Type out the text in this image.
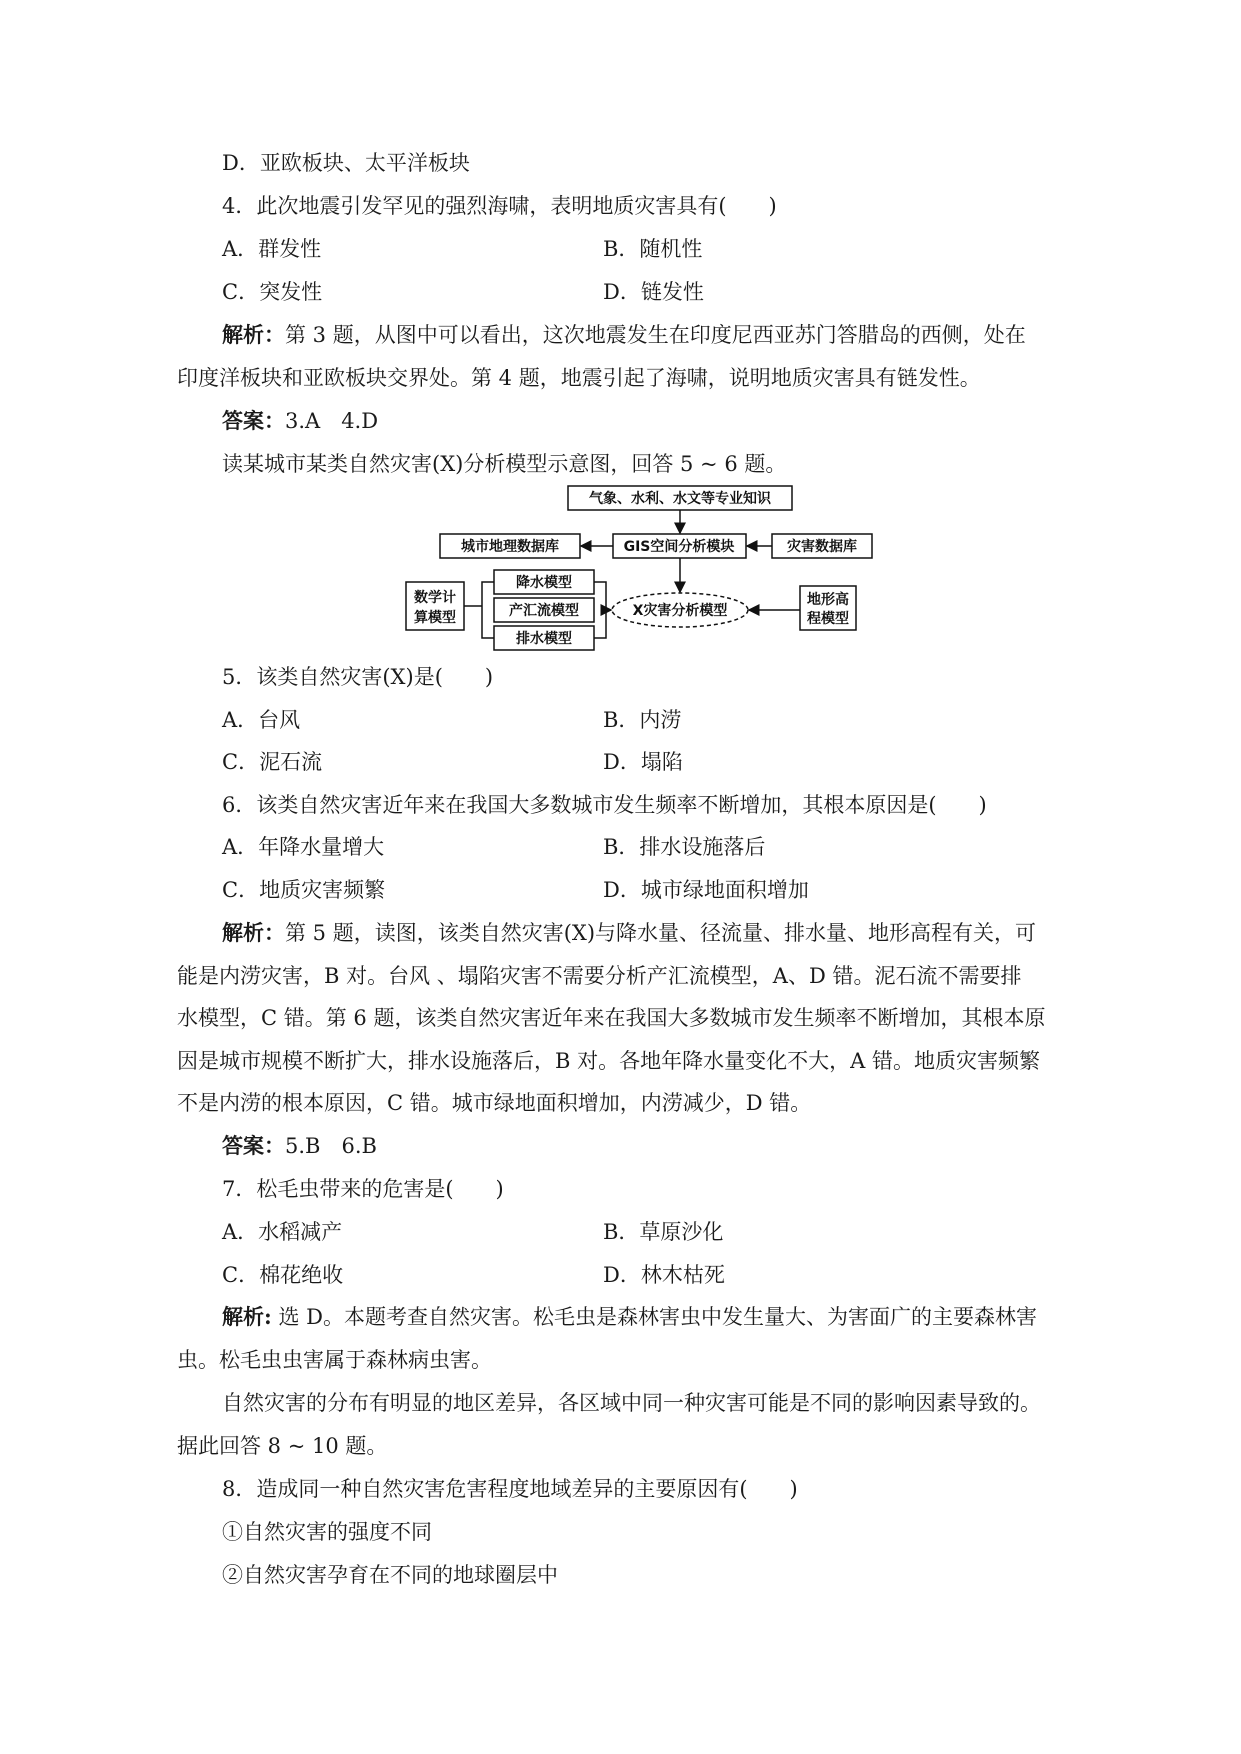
D．亚欧板块、太平洋板块
4．此次地震引发罕见的强烈海啸，表明地质灾害具有(　　)
A．群发性	B．随机性
C．突发性	D．链发性
解析：第 3 题，从图中可以看出，这次地震发生在印度尼西亚苏门答腊岛的西侧，处在
印度洋板块和亚欧板块交界处。第 4 题，地震引起了海啸，说明地质灾害具有链发性。
答案：3.A　4.D
读某城市某类自然灾害(X)分析模型示意图，回答 5 ~ 6 题。
气象、水利、水文等专业知识
GIS空间分析模块
城市地理数据库	灾害数据库
数学计
算模型
降水模型
产汇流模型
排水模型
X灾害分析模型
地形高
程模型
5．该类自然灾害(X)是(　　)
A．台风	B．内涝
C．泥石流	D．塌陷
6．该类自然灾害近年来在我国大多数城市发生频率不断增加，其根本原因是(　　)
A．年降水量增大	B．排水设施落后
C．地质灾害频繁	D．城市绿地面积增加
解析：第 5 题，读图，该类自然灾害(X)与降水量、径流量、排水量、地形高程有关，可
能是内涝灾害，B 对。台风 、塌陷灾害不需要分析产汇流模型，A、D 错。泥石流不需要排
水模型，C 错。第 6 题，该类自然灾害近年来在我国大多数城市发生频率不断增加，其根本原
因是城市规模不断扩大，排水设施落后，B 对。各地年降水量变化不大，A 错。地质灾害频繁
不是内涝的根本原因，C 错。城市绿地面积增加，内涝减少，D 错。
答案：5.B　6.B
7．松毛虫带来的危害是(　　)
A．水稻减产	B．草原沙化
C．棉花绝收	D．林木枯死
解析: 选 D。本题考查自然灾害。松毛虫是森林害虫中发生量大、为害面广的主要森林害
虫。松毛虫虫害属于森林病虫害。
自然灾害的分布有明显的地区差异，各区域中同一种灾害可能是不同的影响因素导致的。
据此回答 8 ~ 10 题。
8．造成同一种自然灾害危害程度地域差异的主要原因有(　　)
①自然灾害的强度不同
②自然灾害孕育在不同的地球圈层中
